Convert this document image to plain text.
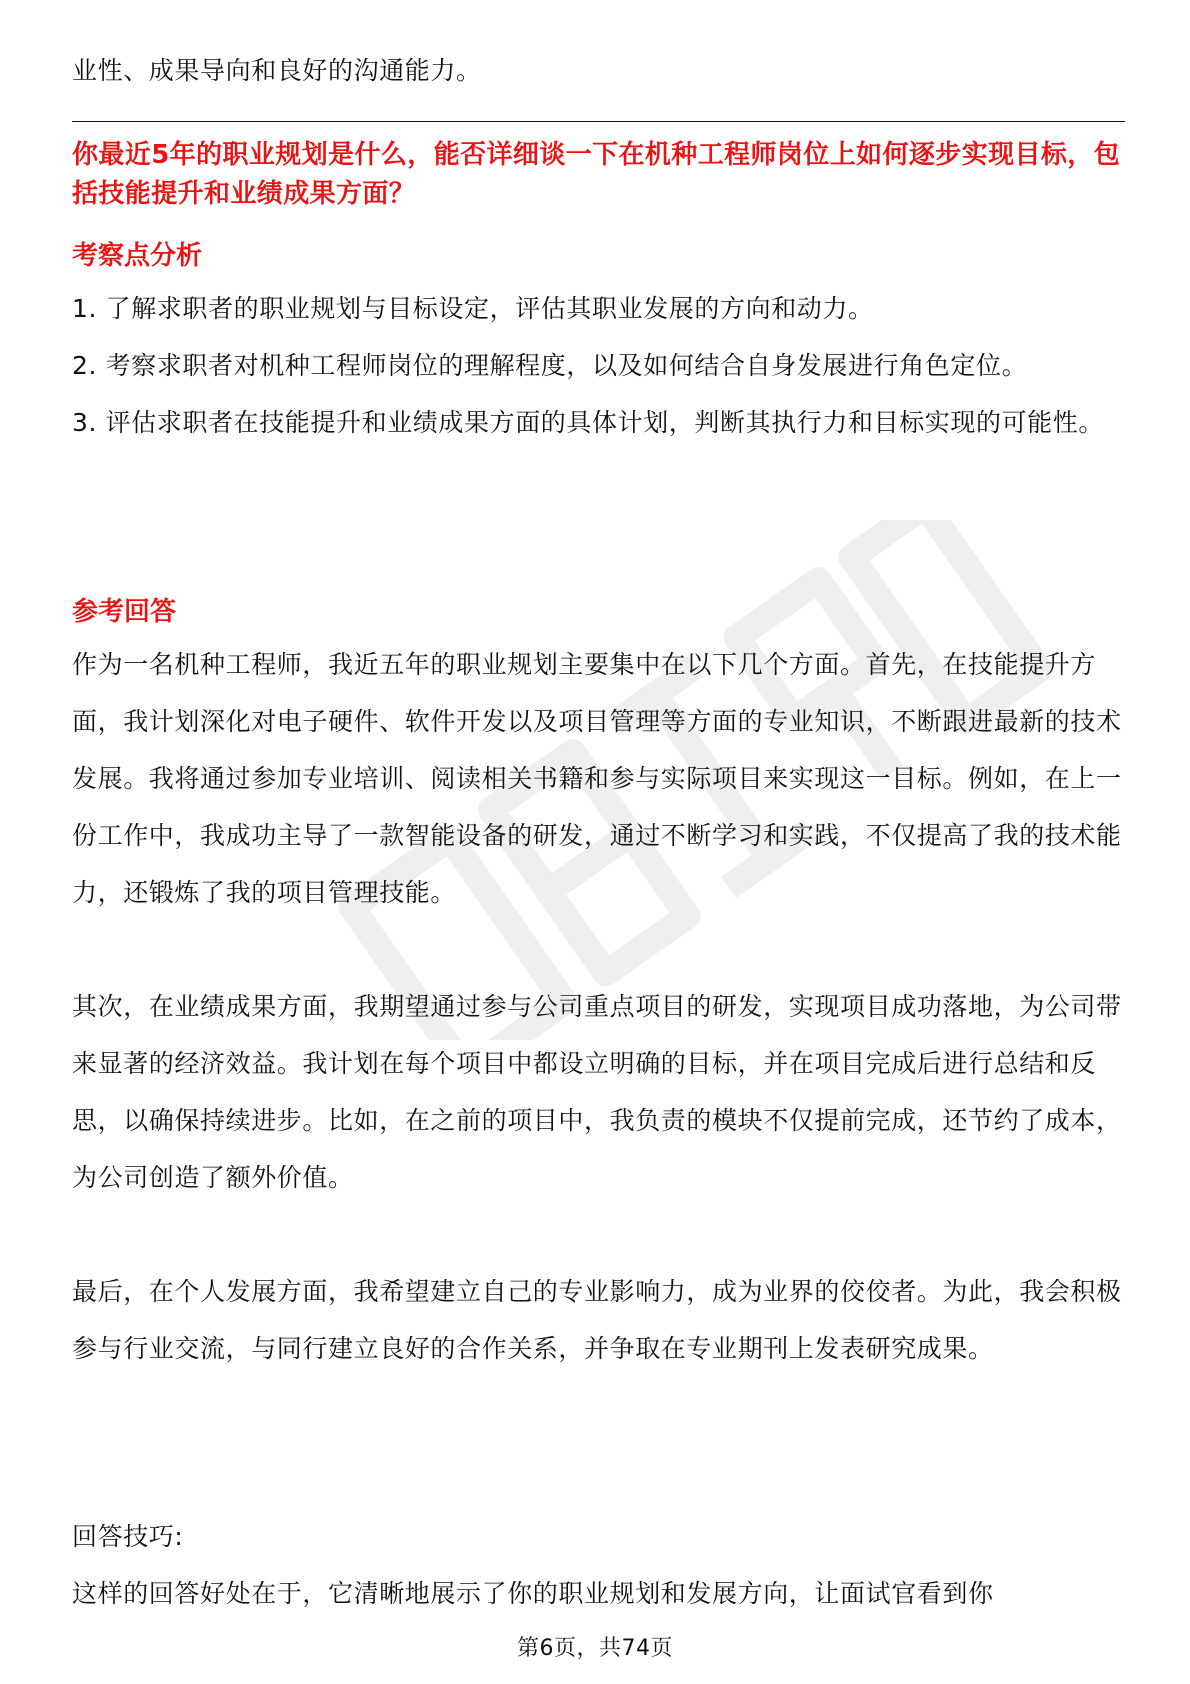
业性、成果导向和良好的沟通能力。

你最近5年的职业规划是什么，能否详细谈一下在机种工程师岗位上如何逐步实现目标，包括技能提升和业绩成果方面？

考察点分析

1. 了解求职者的职业规划与目标设定，评估其职业发展的方向和动力。

2. 考察求职者对机种工程师岗位的理解程度，以及如何结合自身发展进行角色定位。

3. 评估求职者在技能提升和业绩成果方面的具体计划，判断其执行力和目标实现的可能性。

参考回答

作为一名机种工程师，我近五年的职业规划主要集中在以下几个方面。首先，在技能提升方面，我计划深化对电子硬件、软件开发以及项目管理等方面的专业知识，不断跟进最新的技术发展。我将通过参加专业培训、阅读相关书籍和参与实际项目来实现这一目标。例如，在上一份工作中，我成功主导了一款智能设备的研发，通过不断学习和实践，不仅提高了我的技术能力，还锻炼了我的项目管理技能。

其次，在业绩成果方面，我期望通过参与公司重点项目的研发，实现项目成功落地，为公司带来显著的经济效益。我计划在每个项目中都设立明确的目标，并在项目完成后进行总结和反思，以确保持续进步。比如，在之前的项目中，我负责的模块不仅提前完成，还节约了成本，为公司创造了额外价值。

最后，在个人发展方面，我希望建立自己的专业影响力，成为业界的佼佼者。为此，我会积极参与行业交流，与同行建立良好的合作关系，并争取在专业期刊上发表研究成果。

回答技巧:

这样的回答好处在于，它清晰地展示了你的职业规划和发展方向，让面试官看到你

第6页，共74页
